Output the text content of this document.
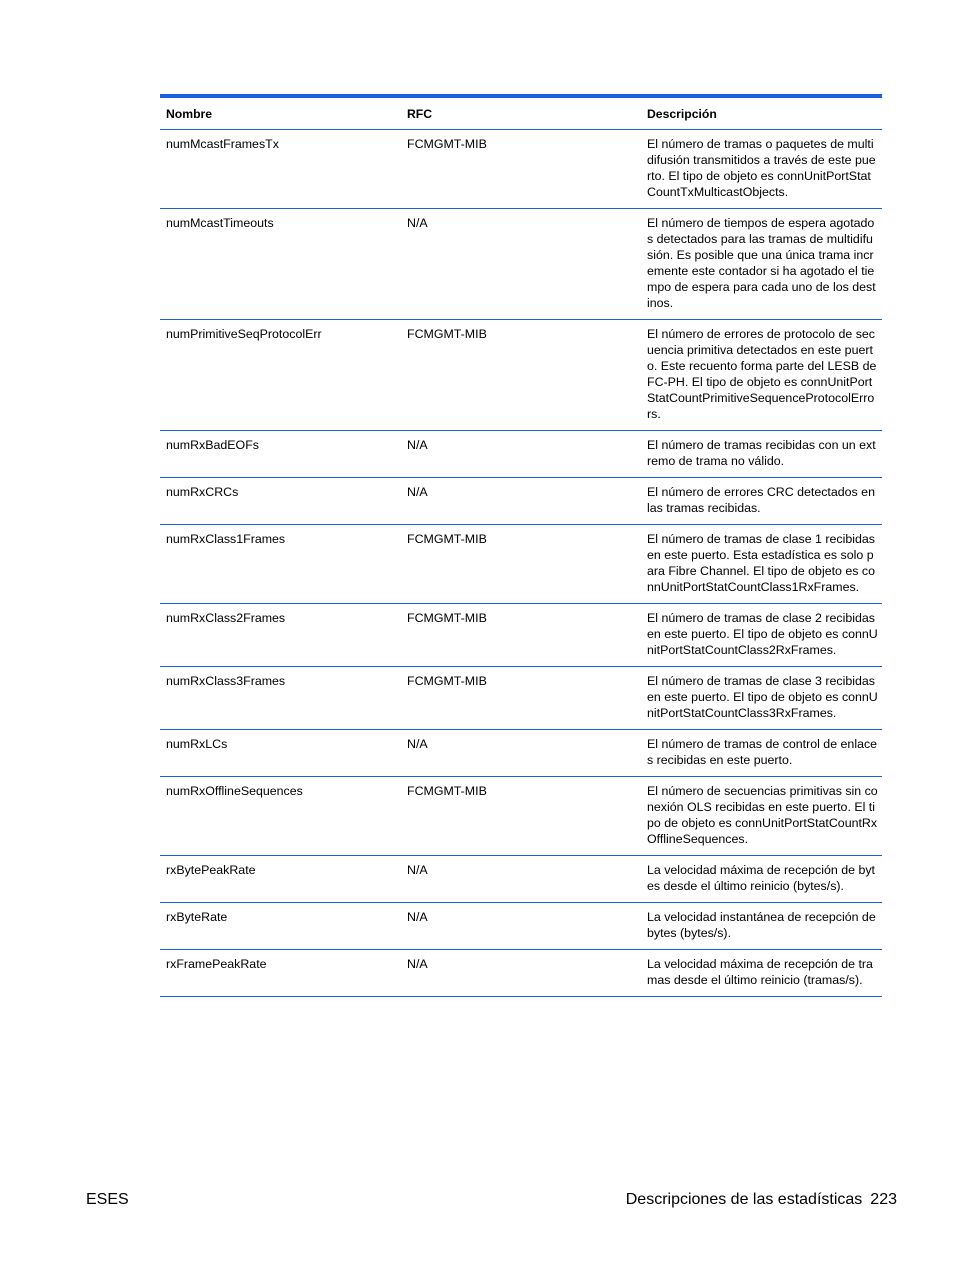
Nombre	RFC	Descripción
numMcastFramesTx	FCMGMT-MIB	El número de tramas o paquetes de multidifusión transmitidos a través de este puerto. El tipo de objeto es connUnitPortStatCountTxMulticastObjects.
numMcastTimeouts	N/A	El número de tiempos de espera agotados detectados para las tramas de multidifusión. Es posible que una única trama incremente este contador si ha agotado el tiempo de espera para cada uno de los destinos.
numPrimitiveSeqProtocolErr	FCMGMT-MIB	El número de errores de protocolo de secuencia primitiva detectados en este puerto. Este recuento forma parte del LESB de FC-PH. El tipo de objeto es connUnitPortStatCountPrimitiveSequenceProtocolErrors.
numRxBadEOFs	N/A	El número de tramas recibidas con un extremo de trama no válido.
numRxCRCs	N/A	El número de errores CRC detectados en las tramas recibidas.
numRxClass1Frames	FCMGMT-MIB	El número de tramas de clase 1 recibidas en este puerto. Esta estadística es solo para Fibre Channel. El tipo de objeto es connUnitPortStatCountClass1RxFrames.
numRxClass2Frames	FCMGMT-MIB	El número de tramas de clase 2 recibidas en este puerto. El tipo de objeto es connUnitPortStatCountClass2RxFrames.
numRxClass3Frames	FCMGMT-MIB	El número de tramas de clase 3 recibidas en este puerto. El tipo de objeto es connUnitPortStatCountClass3RxFrames.
numRxLCs	N/A	El número de tramas de control de enlaces recibidas en este puerto.
numRxOfflineSequences	FCMGMT-MIB	El número de secuencias primitivas sin conexión OLS recibidas en este puerto. El tipo de objeto es connUnitPortStatCountRxOfflineSequences.
rxBytePeakRate	N/A	La velocidad máxima de recepción de bytes desde el último reinicio (bytes/s).
rxByteRate	N/A	La velocidad instantánea de recepción de bytes (bytes/s).
rxFramePeakRate	N/A	La velocidad máxima de recepción de tramas desde el último reinicio (tramas/s).
ESES	Descripciones de las estadísticas 223
